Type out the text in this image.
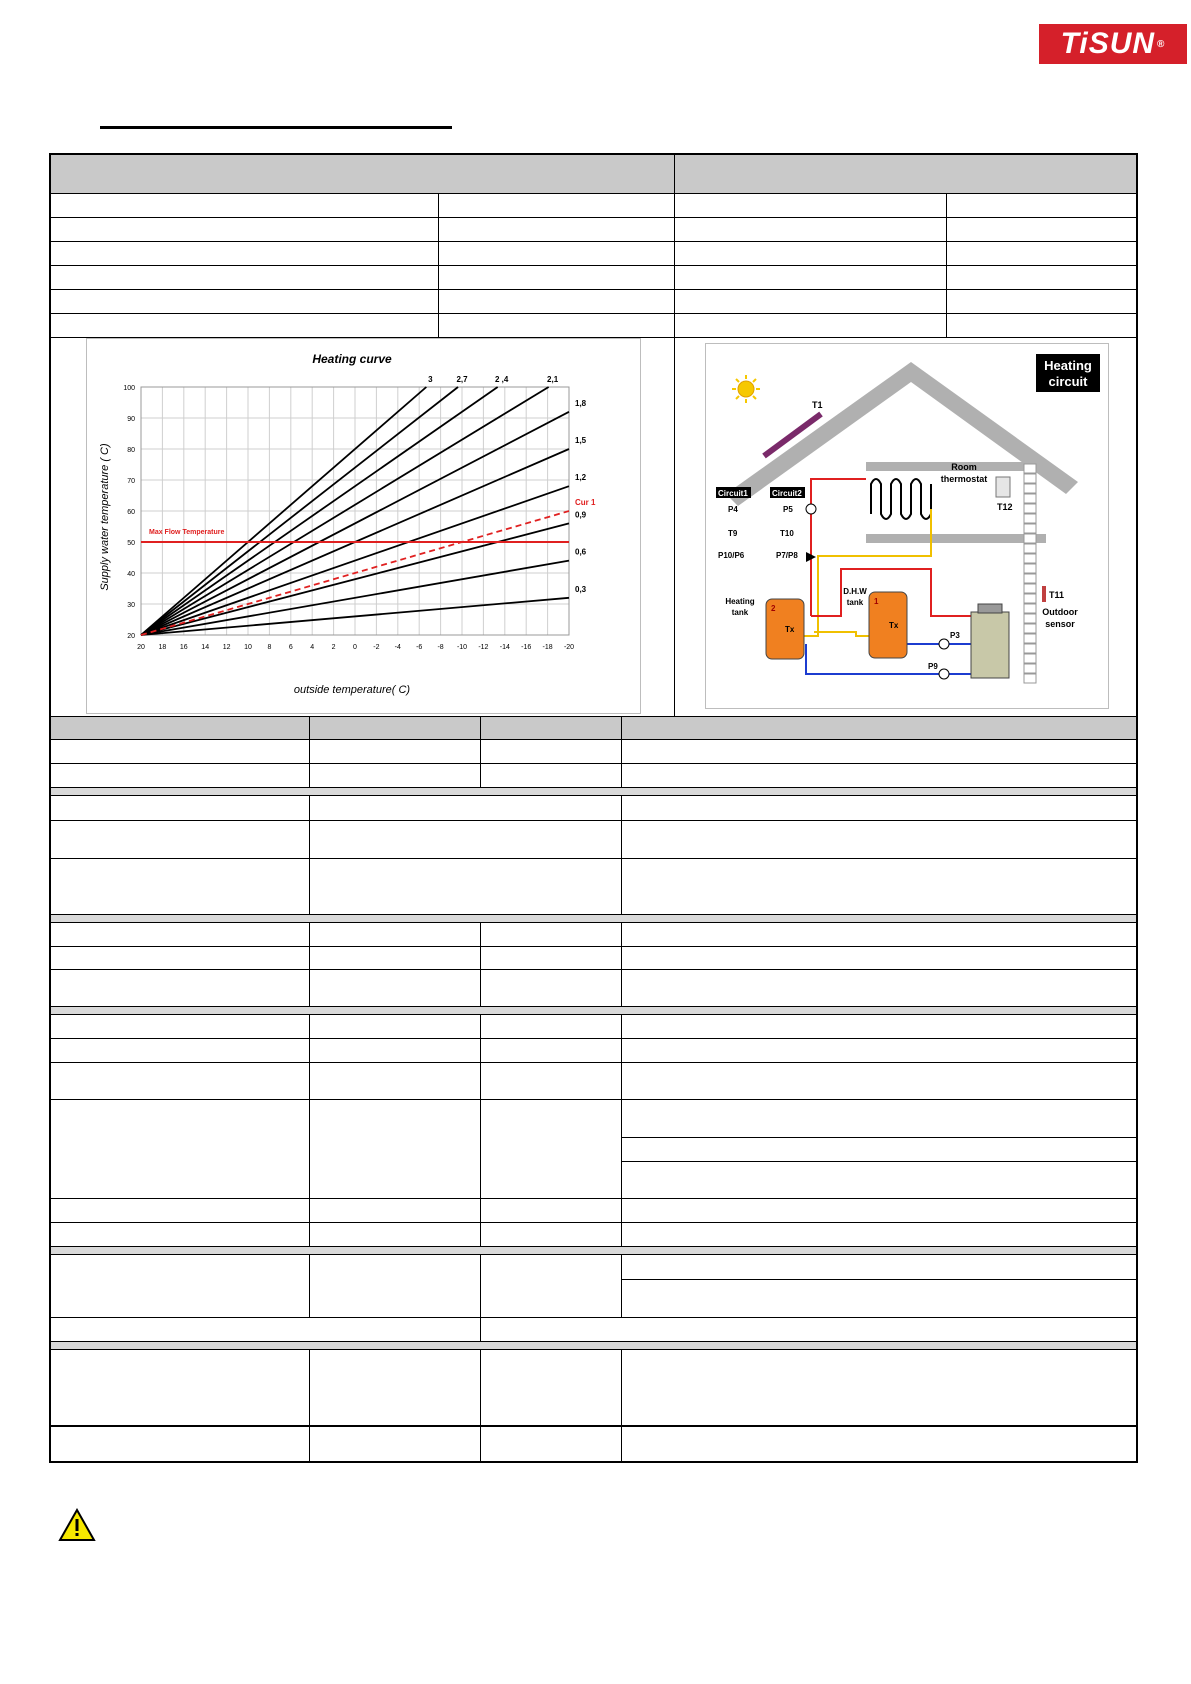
TiSUN ®
Heating curve
20 18 16 14 12 10 8 6 4 2 0 -2 -4 -6 -8 -10 -12 -14 -16 -18 -20
20
30
40
50
60
70
80
90
100
3	2,7	2 ,4	2,1
1,8
1,5
1,2
0,9
0,6
0,3
Cur 1
Max Flow Temperature
outside temperature( C)
Supply water temperature ( C)
Heating circuit
T1
Room thermostat
T12
Circuit1	Circuit2
P4	P5
T9	T10
P10/P6	P7/P8
2
1
Tx	Tx
Heating tank
D.H.W tank
P3
P9
T11
Outdoor sensor
